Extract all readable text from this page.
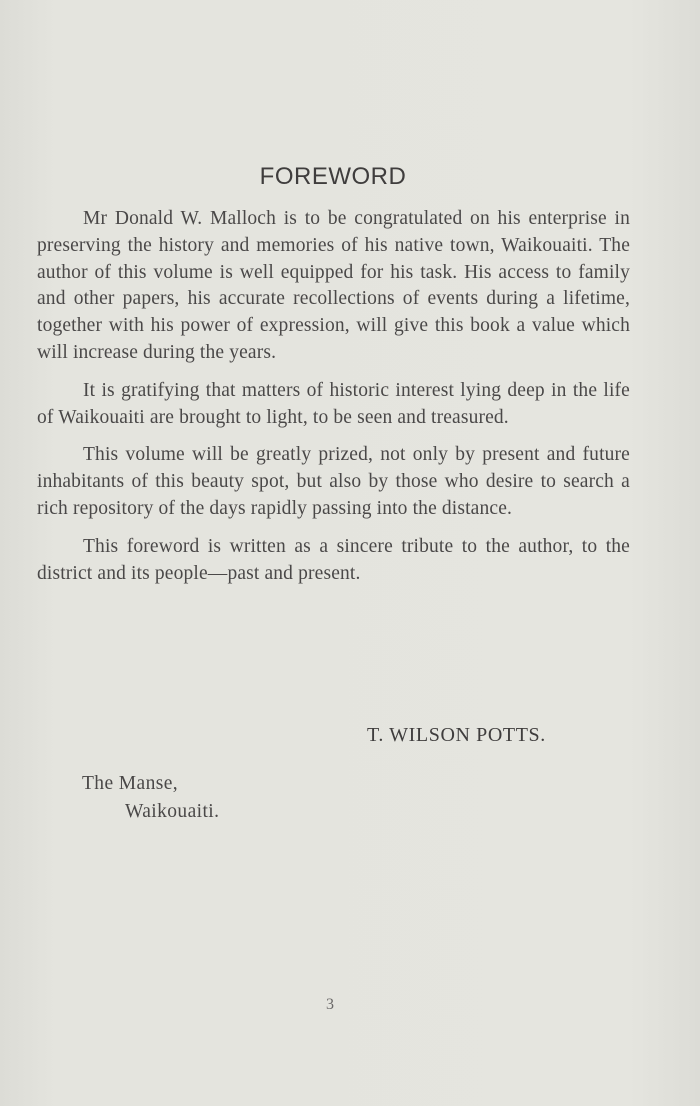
FOREWORD

Mr Donald W. Malloch is to be congratulated on his enterprise in preserving the history and memories of his native town, Waikouaiti. The author of this volume is well equipped for his task. His access to family and other papers, his accurate recollections of events during a lifetime, together with his power of expression, will give this book a value which will increase during the years.

It is gratifying that matters of historic interest lying deep in the life of Waikouaiti are brought to light, to be seen and treasured.

This volume will be greatly prized, not only by present and future inhabitants of this beauty spot, but also by those who desire to search a rich repository of the days rapidly passing into the distance.

This foreword is written as a sincere tribute to the author, to the district and its people—past and present.

T. WILSON POTTS.
The Manse,
Waikouaiti.
3
